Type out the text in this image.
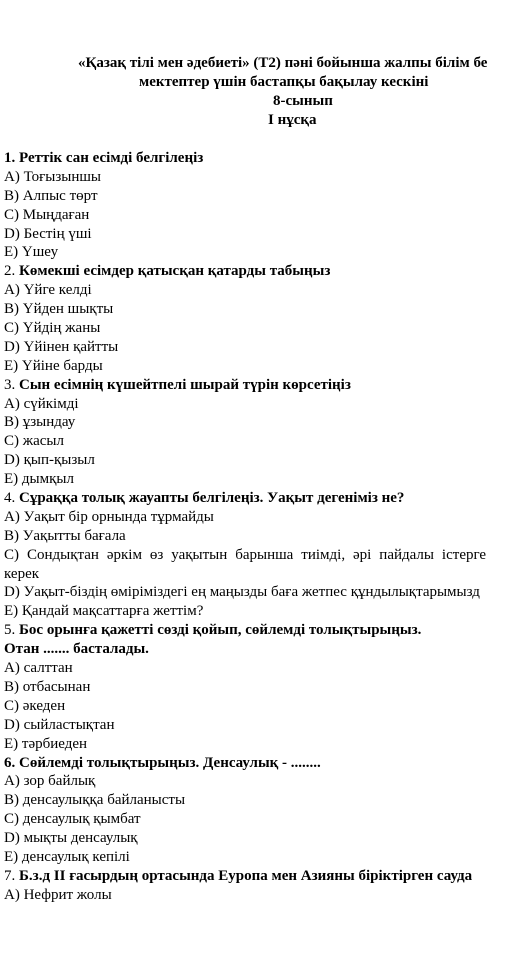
«Қазақ тілі мен әдебиеті» (Т2) пәні бойынша жалпы білім бе
мектептер үшін бастапқы бақылау кескіні
8-сынып
І нұсқа
1. Реттік сан есімді белгілеңіз
A) Тоғызыншы
B) Алпыс төрт
C) Мыңдаған
D) Бестің үші
E) Үшеу
2. Көмекші есімдер қатысқан қатарды табыңыз
A) Үйге келді
B) Үйден шықты
C) Үйдің жаны
D) Үйінен қайтты
E) Үйіне барды
3. Сын есімнің күшейтпелі шырай түрін көрсетіңіз
A) сүйкімді
B) ұзындау
C) жасыл
D) қып-қызыл
E) дымқыл
4. Сұраққа толық жауапты белгілеңіз. Уақыт дегеніміз не?
A) Уақыт бір орнында тұрмайды
B) Уақытты бағала
C) Сондықтан әркім өз уақытын барынша тиімді, әрі пайдалы істерге
керек
D) Уақыт-біздің өміріміздегі ең маңызды баға жетпес құндылықтарымызд
E) Қандай мақсаттарға жеттім?
5. Бос орынға қажетті сөзді қойып, сөйлемді толықтырыңыз.
Отан ....... басталады.
A) салттан
B) отбасынан
C) әкеден
D) сыйластықтан
E) тәрбиеден
6. Сөйлемді толықтырыңыз. Денсаулық - ........
A) зор байлық
B) денсаулыққа байланысты
C) денсаулық қымбат
D) мықты денсаулық
E) денсаулық кепілі
7. Б.з.д ІІ ғасырдың ортасында Еуропа мен Азияны біріктірген сауда
A) Нефрит жолы
